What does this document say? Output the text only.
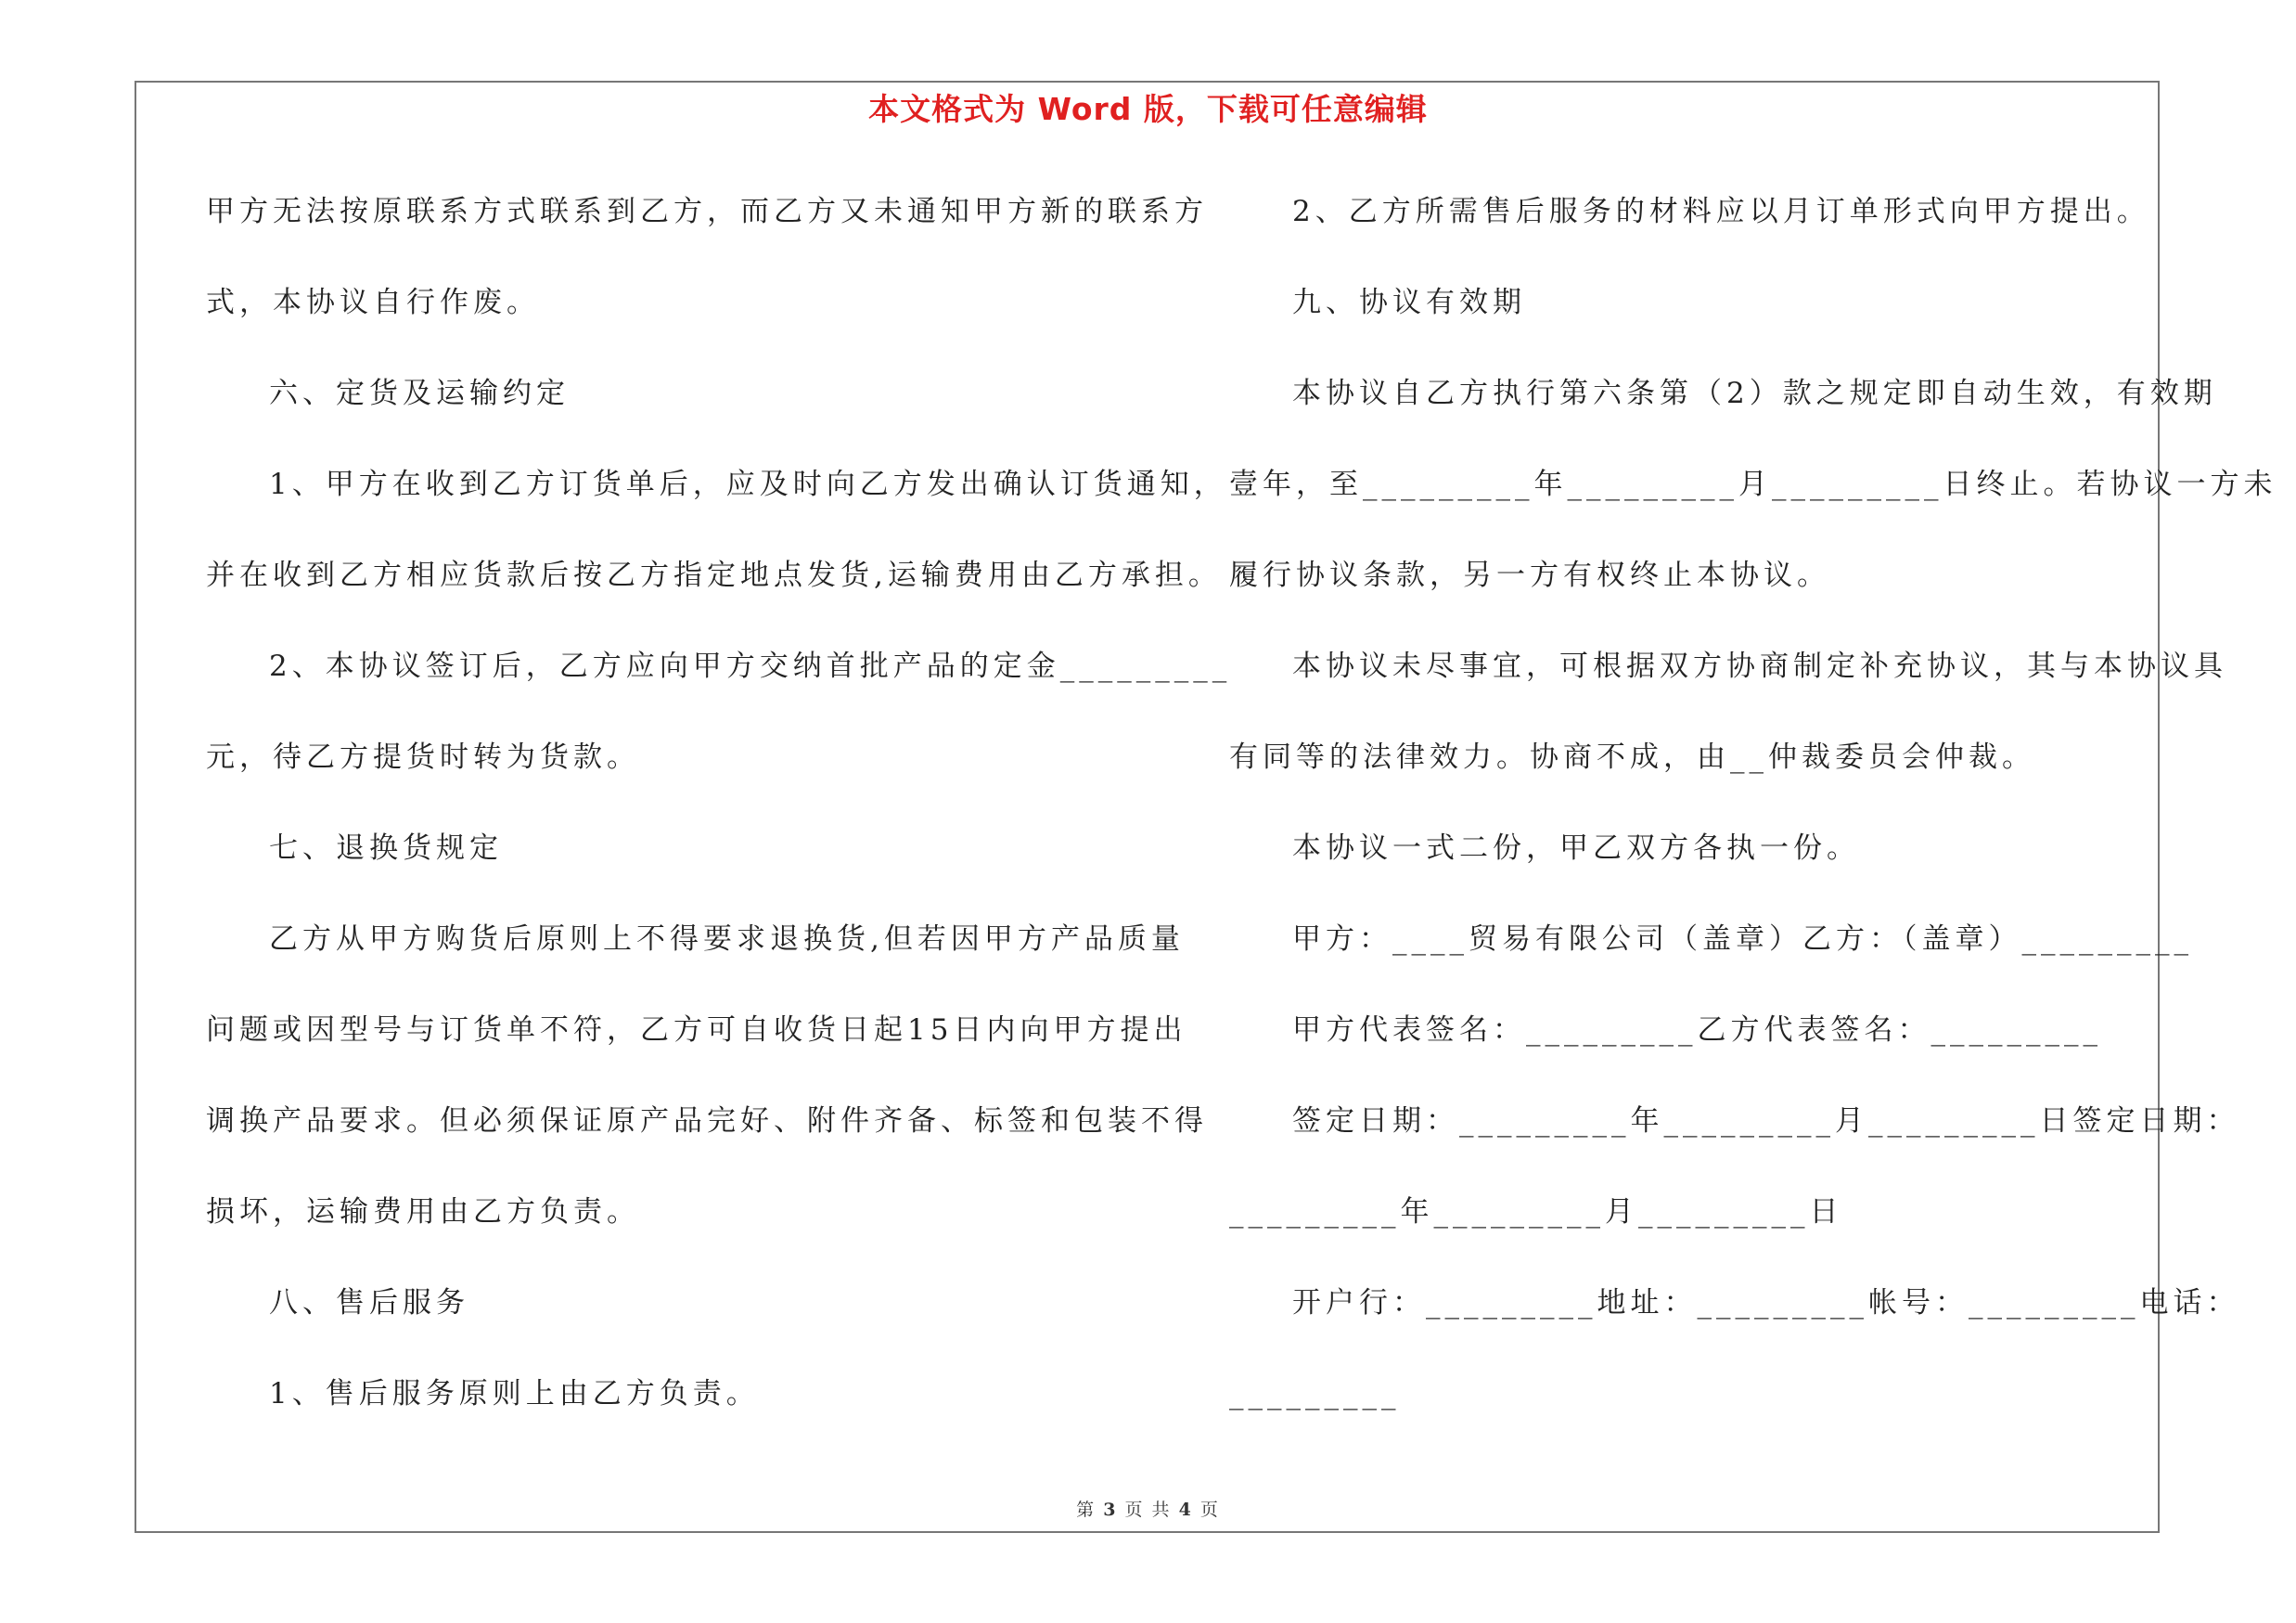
本文格式为 Word 版，下载可任意编辑
甲方无法按原联系方式联系到乙方，而乙方又未通知甲方新的联系方
式，本协议自行作废。
六、定货及运输约定
1、甲方在收到乙方订货单后，应及时向乙方发出确认订货通知，
并在收到乙方相应货款后按乙方指定地点发货,运输费用由乙方承担。
2、本协议签订后，乙方应向甲方交纳首批产品的定金_________
元，待乙方提货时转为货款。
七、退换货规定
乙方从甲方购货后原则上不得要求退换货,但若因甲方产品质量
问题或因型号与订货单不符，乙方可自收货日起15日内向甲方提出
调换产品要求。但必须保证原产品完好、附件齐备、标签和包装不得
损坏，运输费用由乙方负责。
八、售后服务
1、售后服务原则上由乙方负责。
2、乙方所需售后服务的材料应以月订单形式向甲方提出。
九、协议有效期
本协议自乙方执行第六条第（2）款之规定即自动生效，有效期
壹年，至_________年_________月_________日终止。若协议一方未
履行协议条款，另一方有权终止本协议。
本协议未尽事宜，可根据双方协商制定补充协议，其与本协议具
有同等的法律效力。协商不成，由__仲裁委员会仲裁。
本协议一式二份，甲乙双方各执一份。
甲方：____贸易有限公司（盖章）乙方：（盖章）_________
甲方代表签名：_________乙方代表签名：_________
签定日期：_________年_________月_________日签定日期：
_________年_________月_________日
开户行：_________地址：_________帐号：_________电话：
_________
第 3 页 共 4 页
